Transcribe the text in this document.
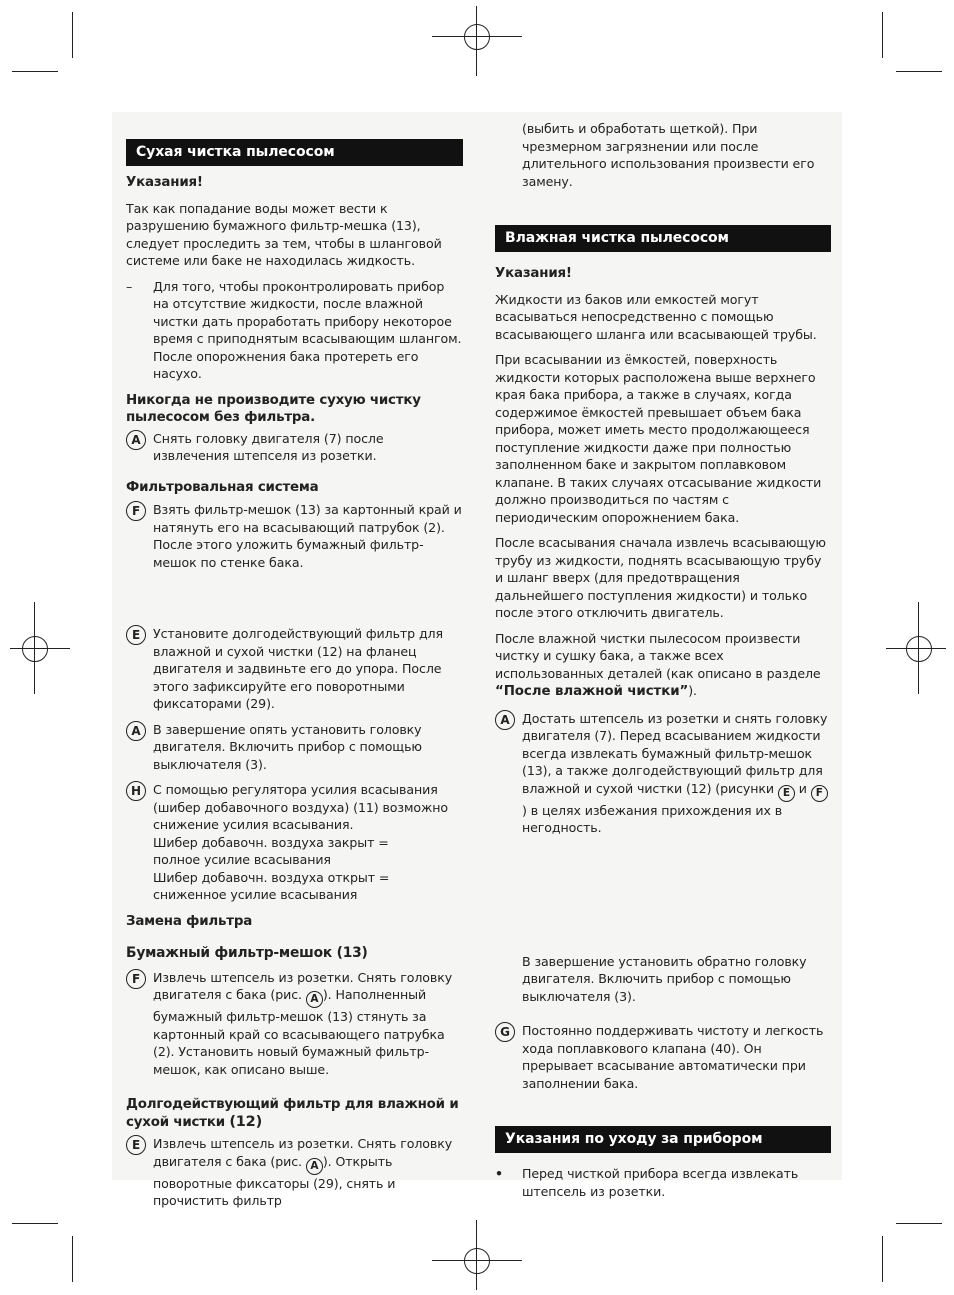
Сухая чистка пылесосом

Указания!

Так как попадание воды может вести к разрушению бумажного фильтр-мешка (13), следует проследить за тем, чтобы в шланговой системе или баке не находилась жидкость.

– Для того, чтобы проконтролировать прибор на отсутствие жидкости, после влажной чистки дать проработать прибору некоторое время с приподнятым всасывающим шлангом. После опорожнения бака протереть его насухо.

Никогда не производите сухую чистку пылесосом без фильтра.

A Снять головку двигателя (7) после извлечения штепселя из розетки.

Фильтровальная система

F	Взять фильтр-мешок (13) за картонный край и натянуть его на всасывающий патрубок (2). После этого уложить бумажный фильтр-мешок по стенке бака.

E	Установите долгодействующий фильтр для влажной и сухой чистки (12) на фланец двигателя и задвиньте его до упора. После этого зафиксируйте его поворотными фиксаторами (29).

A В завершение опять установить головку двигателя. Включить прибор с помощью выключателя (3).

H С помощью регулятора усилия всасывания (шибер добавочного воздуха) (11) возможно снижение усилия всасывания.

Шибер добавочн. воздуха закрыт =

полное усилие всасывания

Шибер добавочн. воздуха открыт =

сниженное усилие всасывания

Замена фильтра

Бумажный фильтр-мешок (13)

F	Извлечь штепсель из розетки. Снять головку двигателя с бака (рис. A ). Наполненный бумажный фильтр-мешок (13) стянуть за картонный край со всасывающего патрубка (2). Установить новый бумажный фильтр-мешок, как описано выше.

Долгодействующий фильтр для влажной и сухой чистки (12)

E	Извлечь штепсель из розетки. Снять головку двигателя с бака (рис. A ). Открыть поворотные фиксаторы (29), снять и прочистить фильтр

(выбить и обработать щеткой). При чрезмерном загрязнении или после длительного использования произвести его замену.

Влажная чистка пылесосом

Указания!

Жидкости из баков или емкостей могут всасываться непосредственно с помощью всасывающего шланга или всасывающей трубы.

При всасывании из ёмкостей, поверхность жидкости которых расположена выше верхнего края бака прибора, а также в случаях, когда содержимое ёмкостей превышает объем бака прибора, может иметь место продолжающееся поступление жидкости даже при полностью заполненном баке и закрытом поплавковом клапане. В таких случаях отсасывание жидкости должно производиться по частям с периодическим опорожнением бака.

После всасывания сначала извлечь всасывающую трубу из жидкости, поднять всасывающую трубу и шланг вверх (для предотвращения дальнейшего поступления жидкости) и только после этого отключить двигатель.

После влажной чистки пылесосом произвести чистку и сушку бака, а также всех использованных деталей (как описано в разделе “После влажной чистки”).

A Достать штепсель из розетки и снять головку двигателя (7). Перед всасыванием жидкости всегда извлекать бумажный фильтр-мешок (13), а также долгодействующий фильтр для влажной и сухой чистки (12) (рисунки E и F) в целях избежания прихождения их в негодность.

В завершение установить обратно головку двигателя. Включить прибор с помощью выключателя (3).

G Постоянно поддерживать чистоту и легкость хода поплавкового клапана (40). Он прерывает всасывание автоматически при заполнении бака.

Указания по уходу за прибором
• Перед чисткой прибора всегда извлекать штепсель из розетки.
